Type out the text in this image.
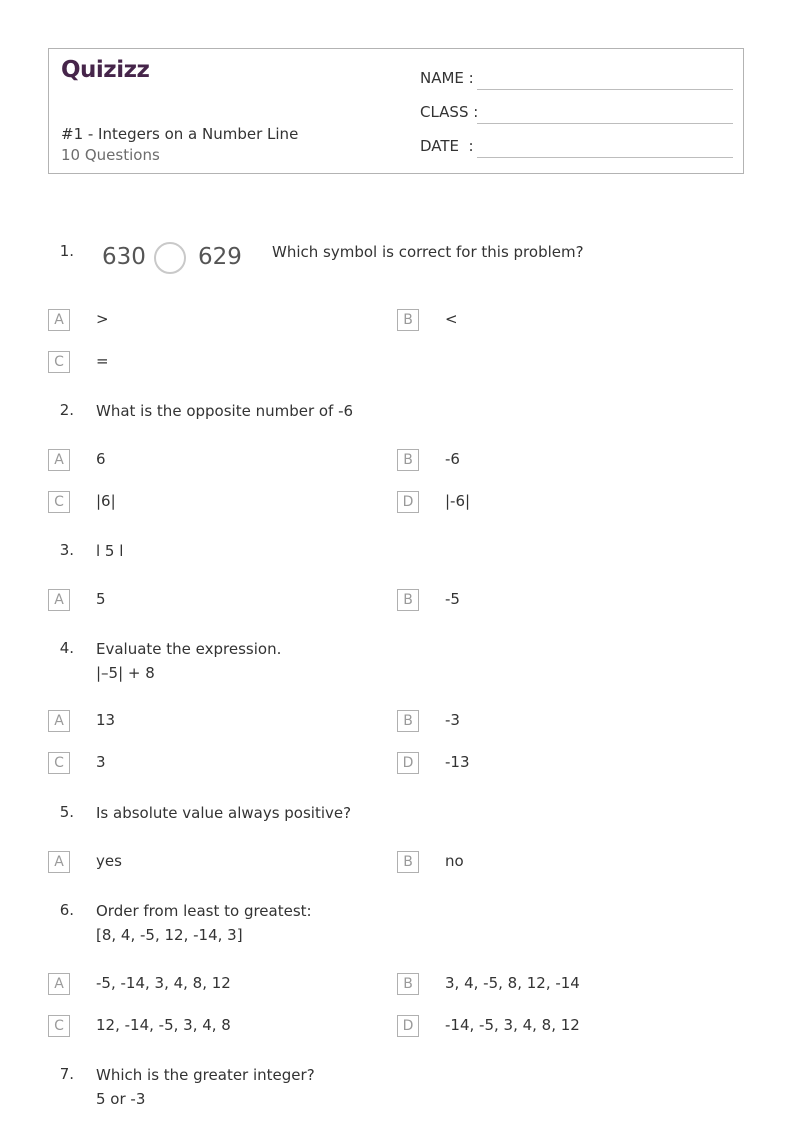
Quizizz
#1 - Integers on a Number Line
10 Questions
NAME :
CLASS :
DATE  :
1. 630 629 Which symbol is correct for this problem?
A	>	B	<
C	=
2. What is the opposite number of -6
A	6	B	-6
C	|6|	D	|-6|
3. l 5 l
A	5	B	-5
4. Evaluate the expression.
|–5| + 8
A	13	B	-3
C	3	D	-13
5. Is absolute value always positive?
A	yes	B	no
6. Order from least to greatest:
[8, 4, -5, 12, -14, 3]
A	-5, -14, 3, 4, 8, 12	B	3, 4, -5, 8, 12, -14
C	12, -14, -5, 3, 4, 8	D	-14, -5, 3, 4, 8, 12
7. Which is the greater integer?
5 or -3
